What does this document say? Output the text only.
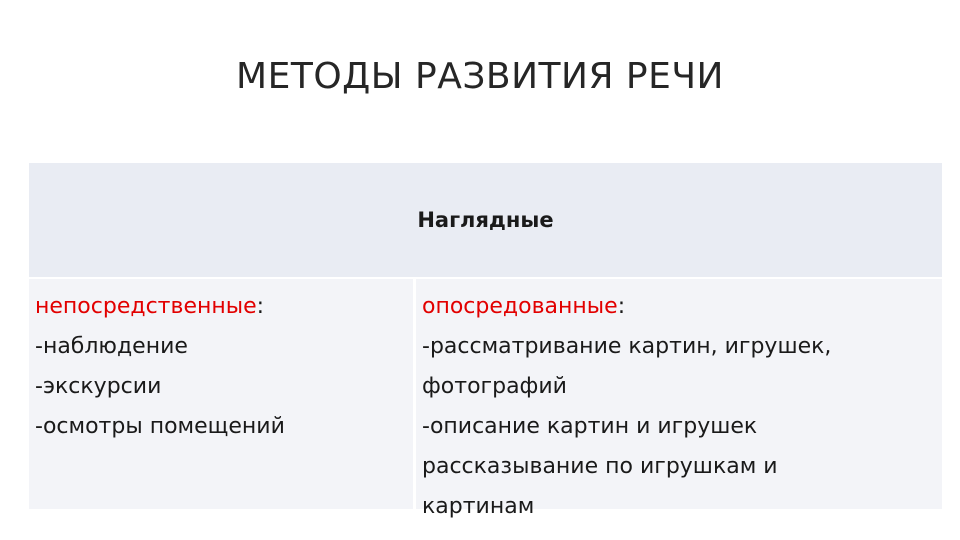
МЕТОДЫ РАЗВИТИЯ РЕЧИ
Наглядные
непосредственные:
-наблюдение
-экскурсии
-осмотры помещений
опосредованные:
-рассматривание картин, игрушек,
фотографий
-описание картин и игрушек
рассказывание по игрушкам и
картинам
